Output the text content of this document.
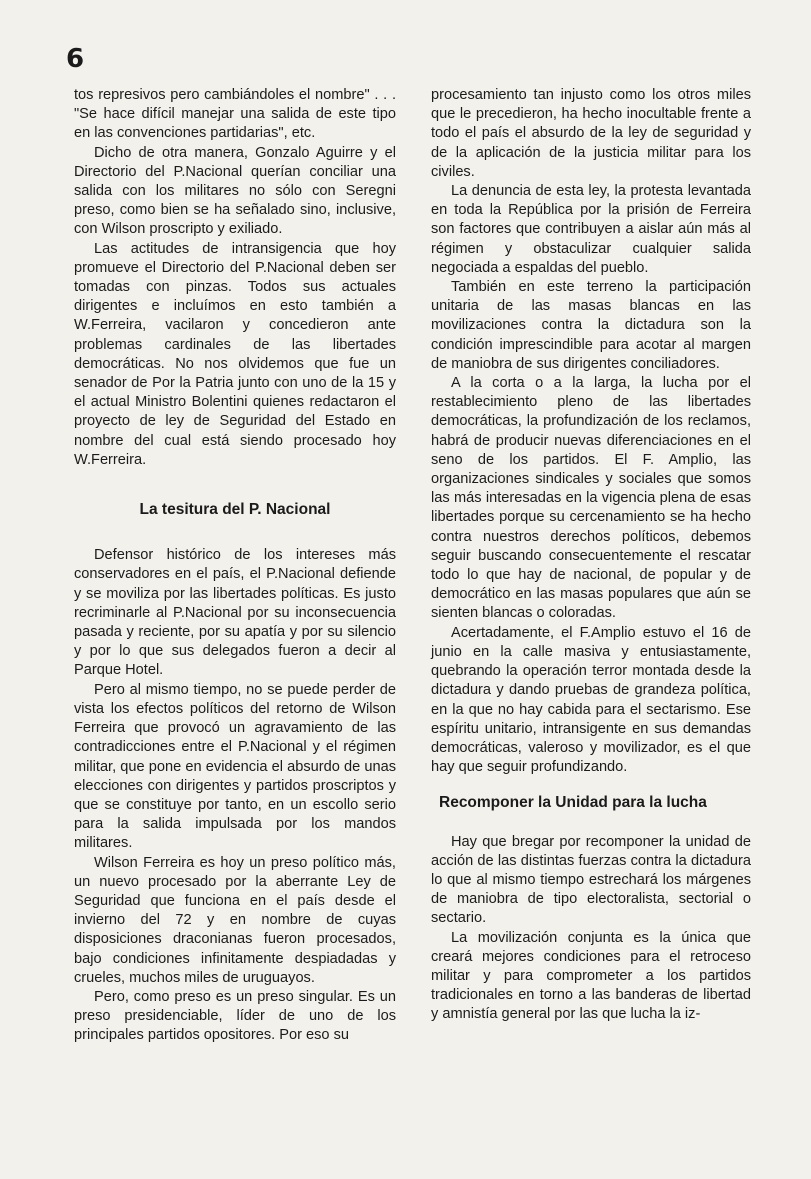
6

tos represivos pero cambiándoles el nombre" . . . "Se hace difícil manejar una salida de este tipo en las convenciones partidarias", etc.

Dicho de otra manera, Gonzalo Aguirre y el Directorio del P.Nacional querían conciliar una salida con los militares no sólo con Seregni preso, como bien se ha señalado sino, inclusive, con Wilson proscripto y exiliado.

Las actitudes de intransigencia que hoy promueve el Directorio del P.Nacional deben ser tomadas con pinzas. Todos sus actuales dirigentes e incluímos en esto también a W.Ferreira, vacilaron y concedieron ante problemas cardinales de las libertades democráticas. No nos olvidemos que fue un senador de Por la Patria junto con uno de la 15 y el actual Ministro Bolentini quienes redactaron el proyecto de ley de Seguridad del Estado en nombre del cual está siendo procesado hoy W.Ferreira.

La tesitura del P. Nacional

Defensor histórico de los intereses más conservadores en el país, el P.Nacional defiende y se moviliza por las libertades políticas. Es justo recriminarle al P.Nacional por su inconsecuencia pasada y reciente, por su apatía y por su silencio y por lo que sus delegados fueron a decir al Parque Hotel.

Pero al mismo tiempo, no se puede perder de vista los efectos políticos del retorno de Wilson Ferreira que provocó un agravamiento de las contradicciones entre el P.Nacional y el régimen militar, que pone en evidencia el absurdo de unas elecciones con dirigentes y partidos proscriptos y que se constituye por tanto, en un escollo serio para la salida impulsada por los mandos militares.

Wilson Ferreira es hoy un preso político más, un nuevo procesado por la aberrante Ley de Seguridad que funciona en el país desde el invierno del 72 y en nombre de cuyas disposiciones draconianas fueron procesados, bajo condiciones infinitamente despiadadas y crueles, muchos miles de uruguayos.

Pero, como preso es un preso singular. Es un preso presidenciable, líder de uno de los principales partidos opositores. Por eso su

procesamiento tan injusto como los otros miles que le precedieron, ha hecho inocultable frente a todo el país el absurdo de la ley de seguridad y de la aplicación de la justicia militar para los civiles.

La denuncia de esta ley, la protesta levantada en toda la República por la prisión de Ferreira son factores que contribuyen a aislar aún más al régimen y obstaculizar cualquier salida negociada a espaldas del pueblo.

También en este terreno la participación unitaria de las masas blancas en las movilizaciones contra la dictadura son la condición imprescindible para acotar al margen de maniobra de sus dirigentes conciliadores.

A la corta o a la larga, la lucha por el restablecimiento pleno de las libertades democráticas, la profundización de los reclamos, habrá de producir nuevas diferenciaciones en el seno de los partidos. El F. Amplio, las organizaciones sindicales y sociales que somos las más interesadas en la vigencia plena de esas libertades porque su cercenamiento se ha hecho contra nuestros derechos políticos, debemos seguir buscando consecuentemente el rescatar todo lo que hay de nacional, de popular y de democrático en las masas populares que aún se sienten blancas o coloradas.

Acertadamente, el F.Amplio estuvo el 16 de junio en la calle masiva y entusiastamente, quebrando la operación terror montada desde la dictadura y dando pruebas de grandeza política, en la que no hay cabida para el sectarismo. Ese espíritu unitario, intransigente en sus demandas democráticas, valeroso y movilizador, es el que hay que seguir profundizando.

Recomponer la Unidad para la lucha

Hay que bregar por recomponer la unidad de acción de las distintas fuerzas contra la dictadura lo que al mismo tiempo estrechará los márgenes de maniobra de tipo electoralista, sectorial o sectario.

La movilización conjunta es la única que creará mejores condiciones para el retroceso militar y para comprometer a los partidos tradicionales en torno a las banderas de libertad y amnistía general por las que lucha la iz-
